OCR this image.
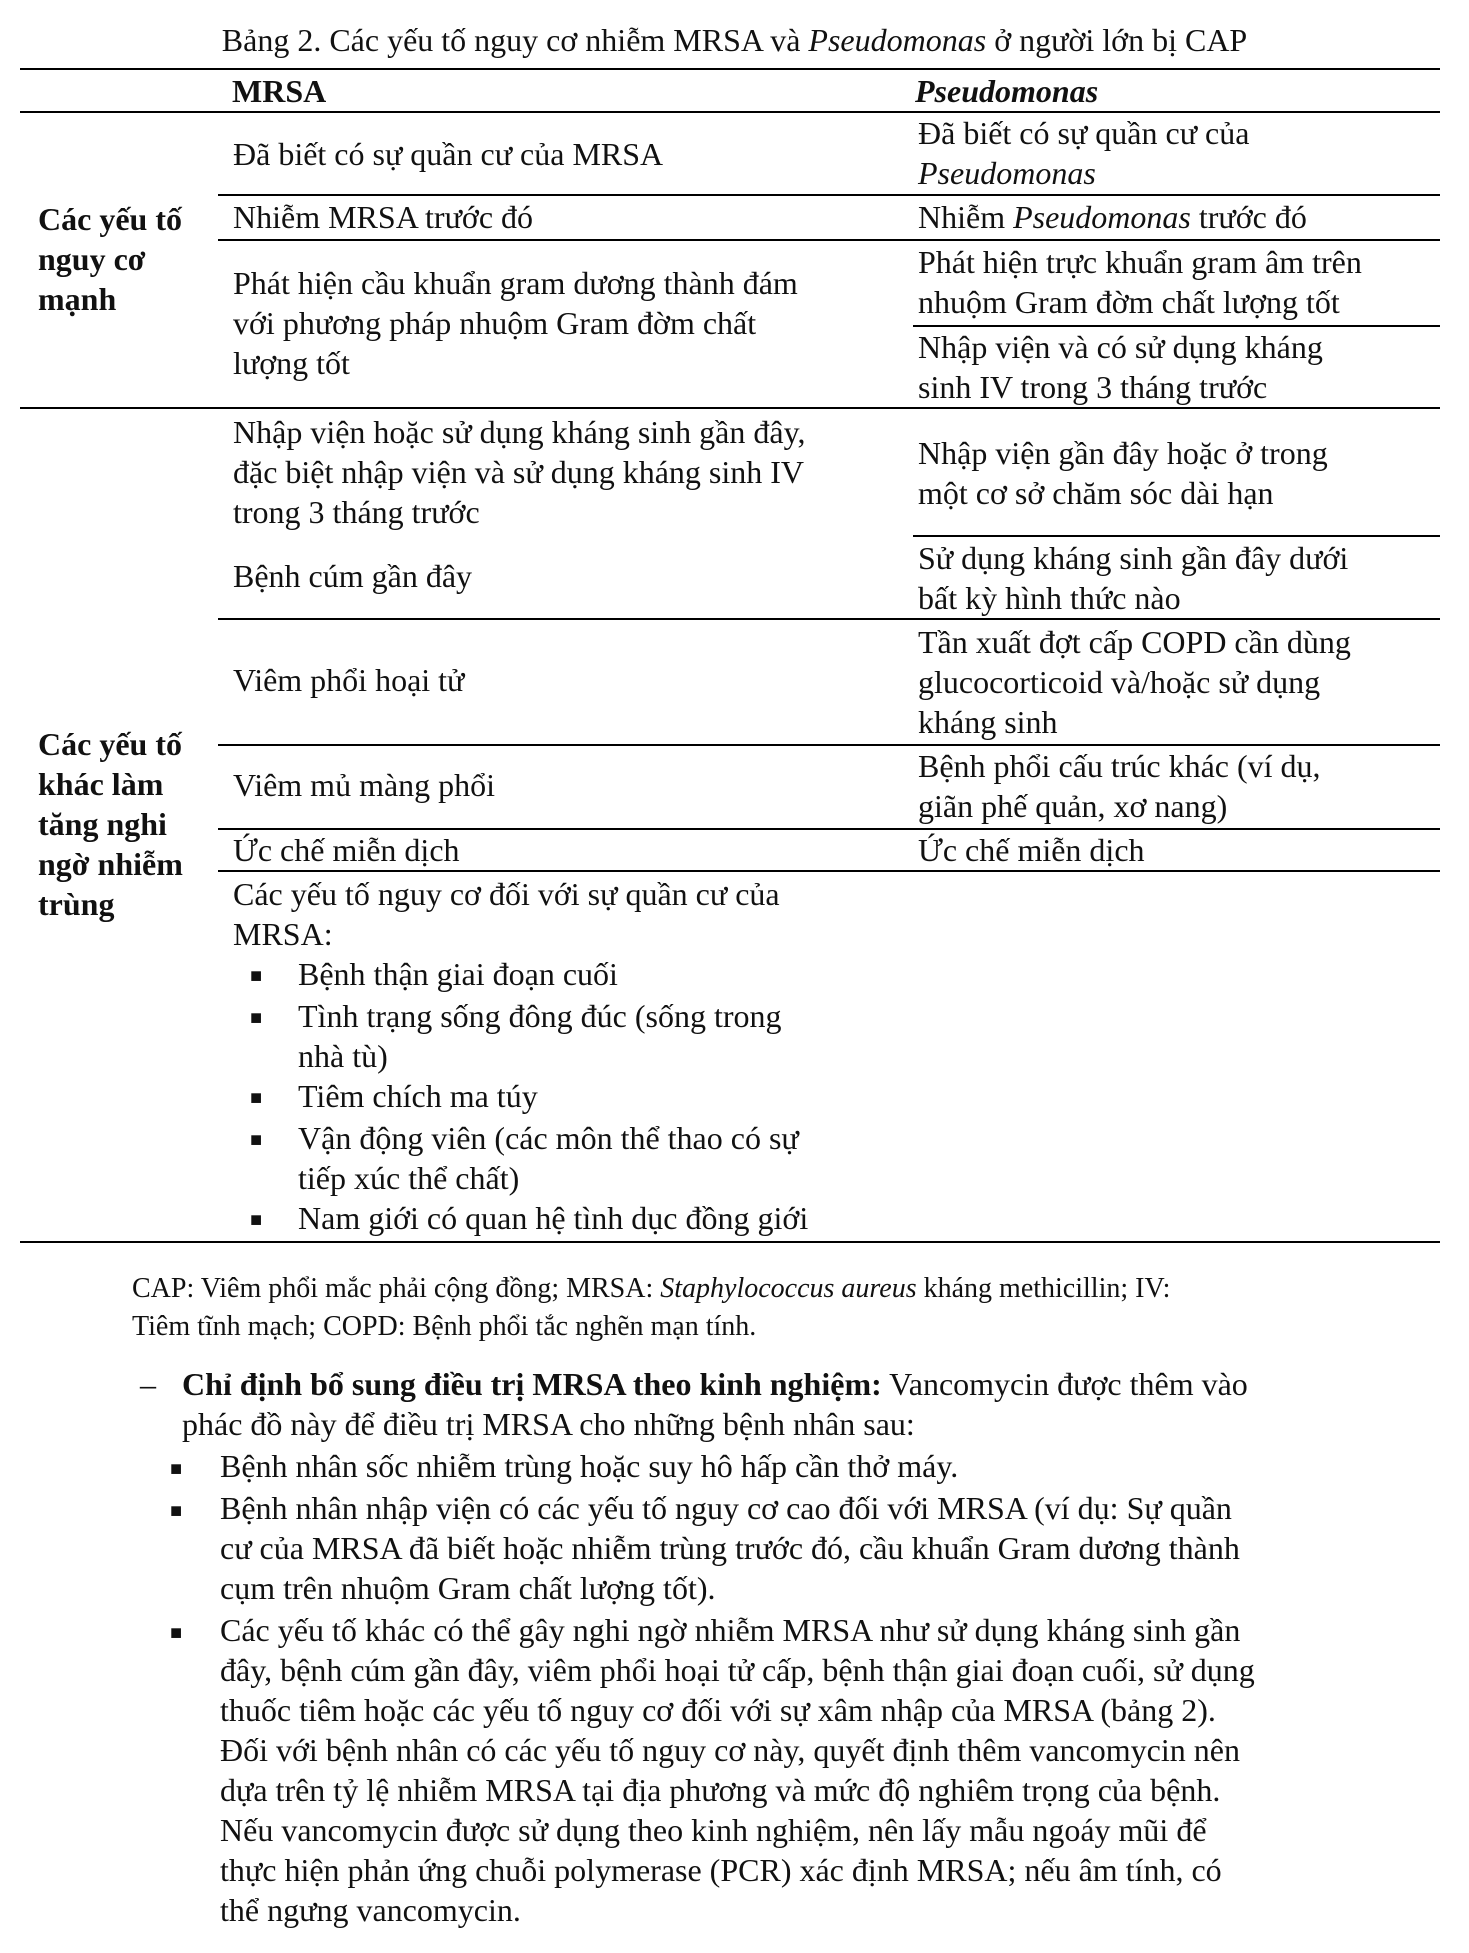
Bảng 2. Các yếu tố nguy cơ nhiễm MRSA và Pseudomonas ở người lớn bị CAP
MRSA	Pseudomonas
Các yếu tố
nguy cơ
mạnh
Các yếu tố
khác làm
tăng nghi
ngờ nhiễm
trùng
Đã biết có sự quần cư của MRSA
Nhiễm MRSA trước đó
Phát hiện cầu khuẩn gram dương thành đám
với phương pháp nhuộm Gram đờm chất
lượng tốt
Nhập viện hoặc sử dụng kháng sinh gần đây,
đặc biệt nhập viện và sử dụng kháng sinh IV
trong 3 tháng trước
Bệnh cúm gần đây
Viêm phổi hoại tử
Viêm mủ màng phổi
Ức chế miễn dịch
Các yếu tố nguy cơ đối với sự quần cư của
MRSA:
■ Bệnh thận giai đoạn cuối
■ Tình trạng sống đông đúc (sống trong
nhà tù)
■ Tiêm chích ma túy
■ Vận động viên (các môn thể thao có sự
tiếp xúc thể chất)
■ Nam giới có quan hệ tình dục đồng giới
Đã biết có sự quần cư của
Pseudomonas
Nhiễm Pseudomonas trước đó
Phát hiện trực khuẩn gram âm trên
nhuộm Gram đờm chất lượng tốt
Nhập viện và có sử dụng kháng
sinh IV trong 3 tháng trước
Nhập viện gần đây hoặc ở trong
một cơ sở chăm sóc dài hạn
Sử dụng kháng sinh gần đây dưới
bất kỳ hình thức nào
Tần xuất đợt cấp COPD cần dùng
glucocorticoid và/hoặc sử dụng
kháng sinh
Bệnh phổi cấu trúc khác (ví dụ,
giãn phế quản, xơ nang)
Ức chế miễn dịch
CAP: Viêm phổi mắc phải cộng đồng; MRSA: Staphylococcus aureus kháng methicillin; IV:
Tiêm tĩnh mạch; COPD: Bệnh phổi tắc nghẽn mạn tính.
– Chỉ định bổ sung điều trị MRSA theo kinh nghiệm: Vancomycin được thêm vào
phác đồ này để điều trị MRSA cho những bệnh nhân sau:
■ Bệnh nhân sốc nhiễm trùng hoặc suy hô hấp cần thở máy.
■ Bệnh nhân nhập viện có các yếu tố nguy cơ cao đối với MRSA (ví dụ: Sự quần
cư của MRSA đã biết hoặc nhiễm trùng trước đó, cầu khuẩn Gram dương thành
cụm trên nhuộm Gram chất lượng tốt).
■ Các yếu tố khác có thể gây nghi ngờ nhiễm MRSA như sử dụng kháng sinh gần
đây, bệnh cúm gần đây, viêm phổi hoại tử cấp, bệnh thận giai đoạn cuối, sử dụng
thuốc tiêm hoặc các yếu tố nguy cơ đối với sự xâm nhập của MRSA (bảng 2).
Đối với bệnh nhân có các yếu tố nguy cơ này, quyết định thêm vancomycin nên
dựa trên tỷ lệ nhiễm MRSA tại địa phương và mức độ nghiêm trọng của bệnh.
Nếu vancomycin được sử dụng theo kinh nghiệm, nên lấy mẫu ngoáy mũi để
thực hiện phản ứng chuỗi polymerase (PCR) xác định MRSA; nếu âm tính, có
thể ngưng vancomycin.
